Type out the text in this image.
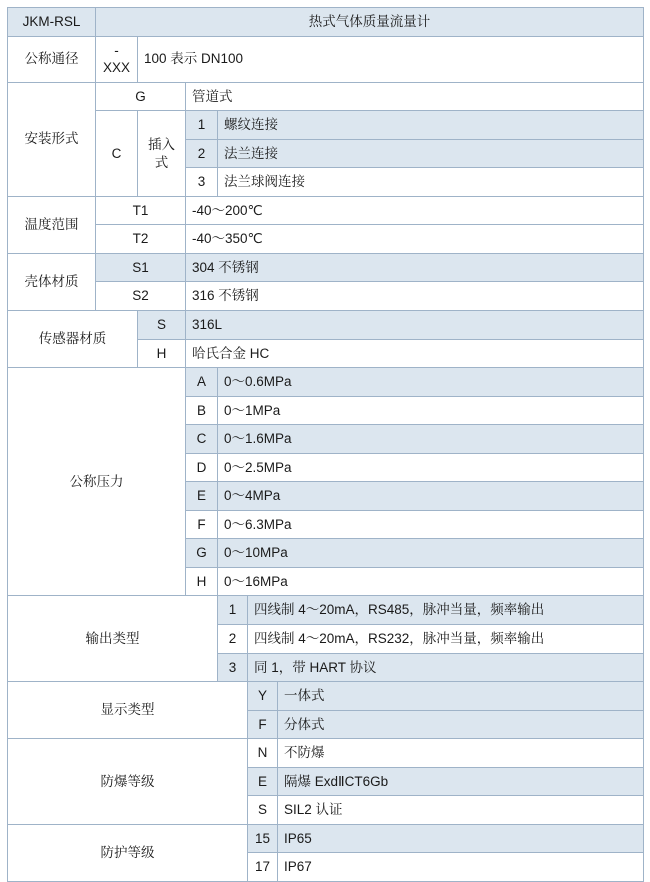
JKM-RSL	热式气体质量流量计					
公称通径	-XXX	100 表示 DN100				
安装形式	G		管道式			
	C	插入式	1	螺纹连接		
			2	法兰连接		
			3	法兰球阀连接		
温度范围	T1		-40～200℃			
	T2		-40～350℃			
壳体材质	S1		304 不锈钢			
	S2		316 不锈钢			
传感器材质		S	316L			
		H	哈氏合金 HC			
公称压力			A	0～0.6MPa		
			B	0～1MPa		
			C	0～1.6MPa		
			D	0～2.5MPa		
			E	0～4MPa		
			F	0～6.3MPa		
			G	0～10MPa		
			H	0～16MPa		
输出类型				1	四线制 4～20mA，RS485，脉冲当量，频率输出	
				2	四线制 4～20mA，RS232，脉冲当量，频率输出	
				3	同 1，带 HART 协议	
显示类型					Y	一体式
					F	分体式
防爆等级					N	不防爆
					E	隔爆 ExdⅡCT6Gb
					S	SIL2 认证
防护等级					15	IP65
					17	IP67
